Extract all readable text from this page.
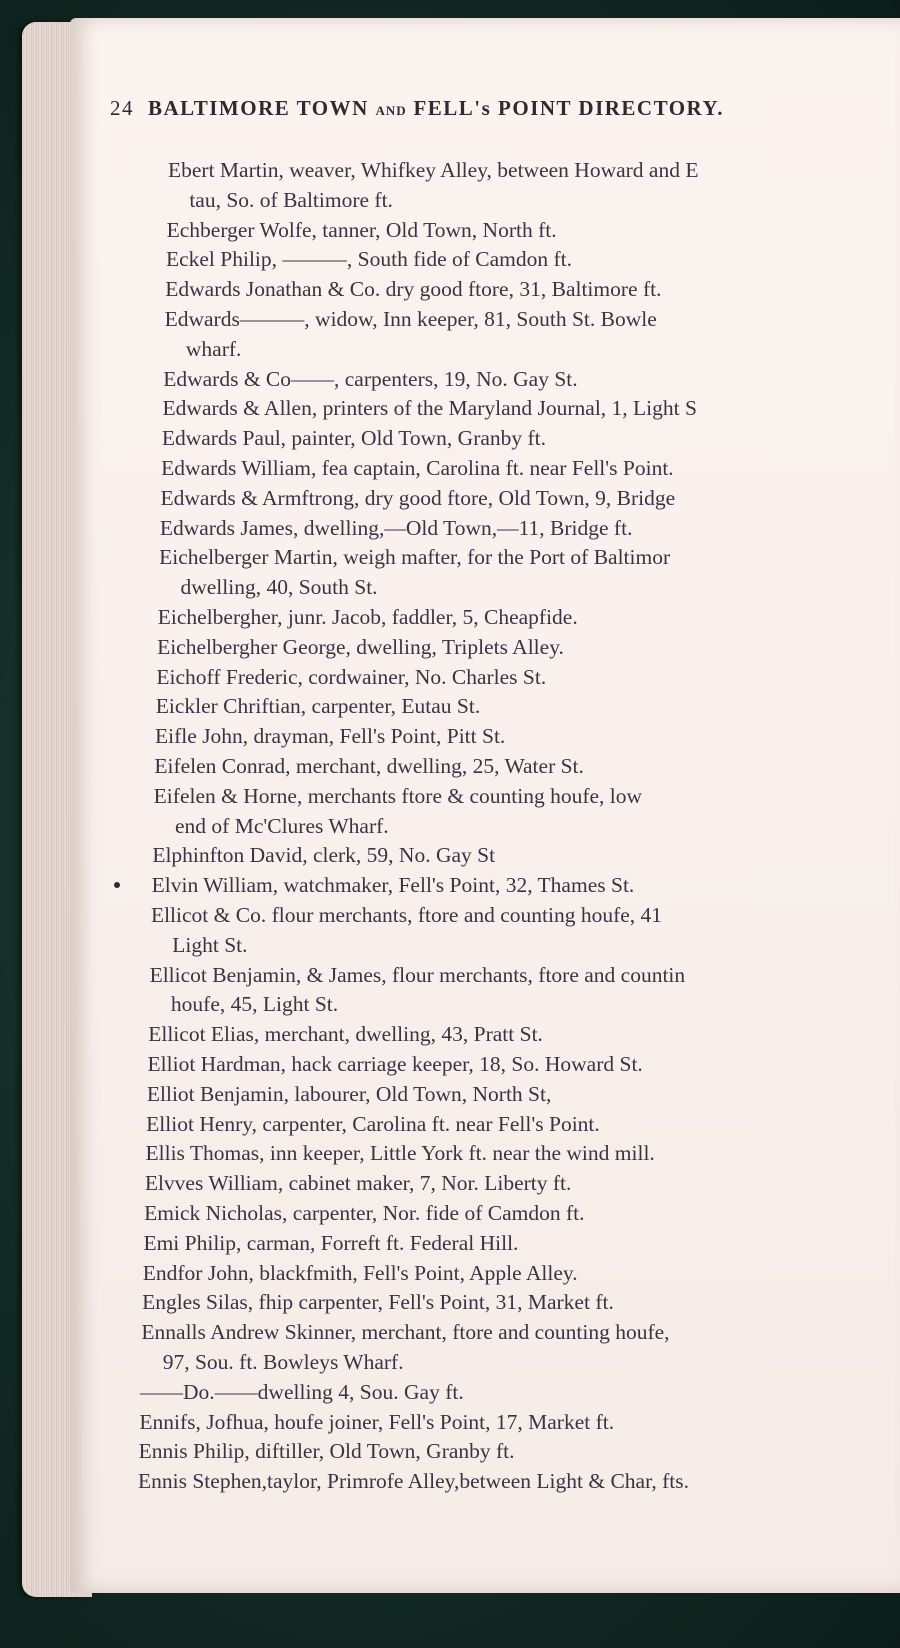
24 BALTIMORE TOWN AND FELL's POINT DIRECTORY.
Ebert Martin, weaver, Whifkey Alley, between Howard and E
tau, So. of Baltimore ft.
Echberger Wolfe, tanner, Old Town, North ft.
Eckel Philip, ———, South fide of Camdon ft.
Edwards Jonathan & Co. dry good ftore, 31, Baltimore ft.
Edwards———, widow, Inn keeper, 81, South St. Bowle
wharf.
Edwards & Co——, carpenters, 19, No. Gay St.
Edwards & Allen, printers of the Maryland Journal, 1, Light S
Edwards Paul, painter, Old Town, Granby ft.
Edwards William, fea captain, Carolina ft. near Fell's Point.
Edwards & Armftrong, dry good ftore, Old Town, 9, Bridge
Edwards James, dwelling,—Old Town,—11, Bridge ft.
Eichelberger Martin, weigh mafter, for the Port of Baltimor
dwelling, 40, South St.
Eichelbergher, junr. Jacob, faddler, 5, Cheapfide.
Eichelbergher George, dwelling, Triplets Alley.
Eichoff Frederic, cordwainer, No. Charles St.
Eickler Chriftian, carpenter, Eutau St.
Eifle John, drayman, Fell's Point, Pitt St.
Eifelen Conrad, merchant, dwelling, 25, Water St.
Eifelen & Horne, merchants ftore & counting houfe, low
end of Mc'Clures Wharf.
Elphinfton David, clerk, 59, No. Gay St
Elvin William, watchmaker, Fell's Point, 32, Thames St.
Ellicot & Co. flour merchants, ftore and counting houfe, 41
Light St.
Ellicot Benjamin, & James, flour merchants, ftore and countin
houfe, 45, Light St.
Ellicot Elias, merchant, dwelling, 43, Pratt St.
Elliot Hardman, hack carriage keeper, 18, So. Howard St.
Elliot Benjamin, labourer, Old Town, North St,
Elliot Henry, carpenter, Carolina ft. near Fell's Point.
Ellis Thomas, inn keeper, Little York ft. near the wind mill.
Elvves William, cabinet maker, 7, Nor. Liberty ft.
Emick Nicholas, carpenter, Nor. fide of Camdon ft.
Emi Philip, carman, Forreft ft. Federal Hill.
Endfor John, blackfmith, Fell's Point, Apple Alley.
Engles Silas, fhip carpenter, Fell's Point, 31, Market ft.
Ennalls Andrew Skinner, merchant, ftore and counting houfe,
97, Sou. ft. Bowleys Wharf.
——Do.——dwelling 4, Sou. Gay ft.
Ennifs, Jofhua, houfe joiner, Fell's Point, 17, Market ft.
Ennis Philip, diftiller, Old Town, Granby ft.
Ennis Stephen,taylor, Primrofe Alley,between Light & Char, fts.
